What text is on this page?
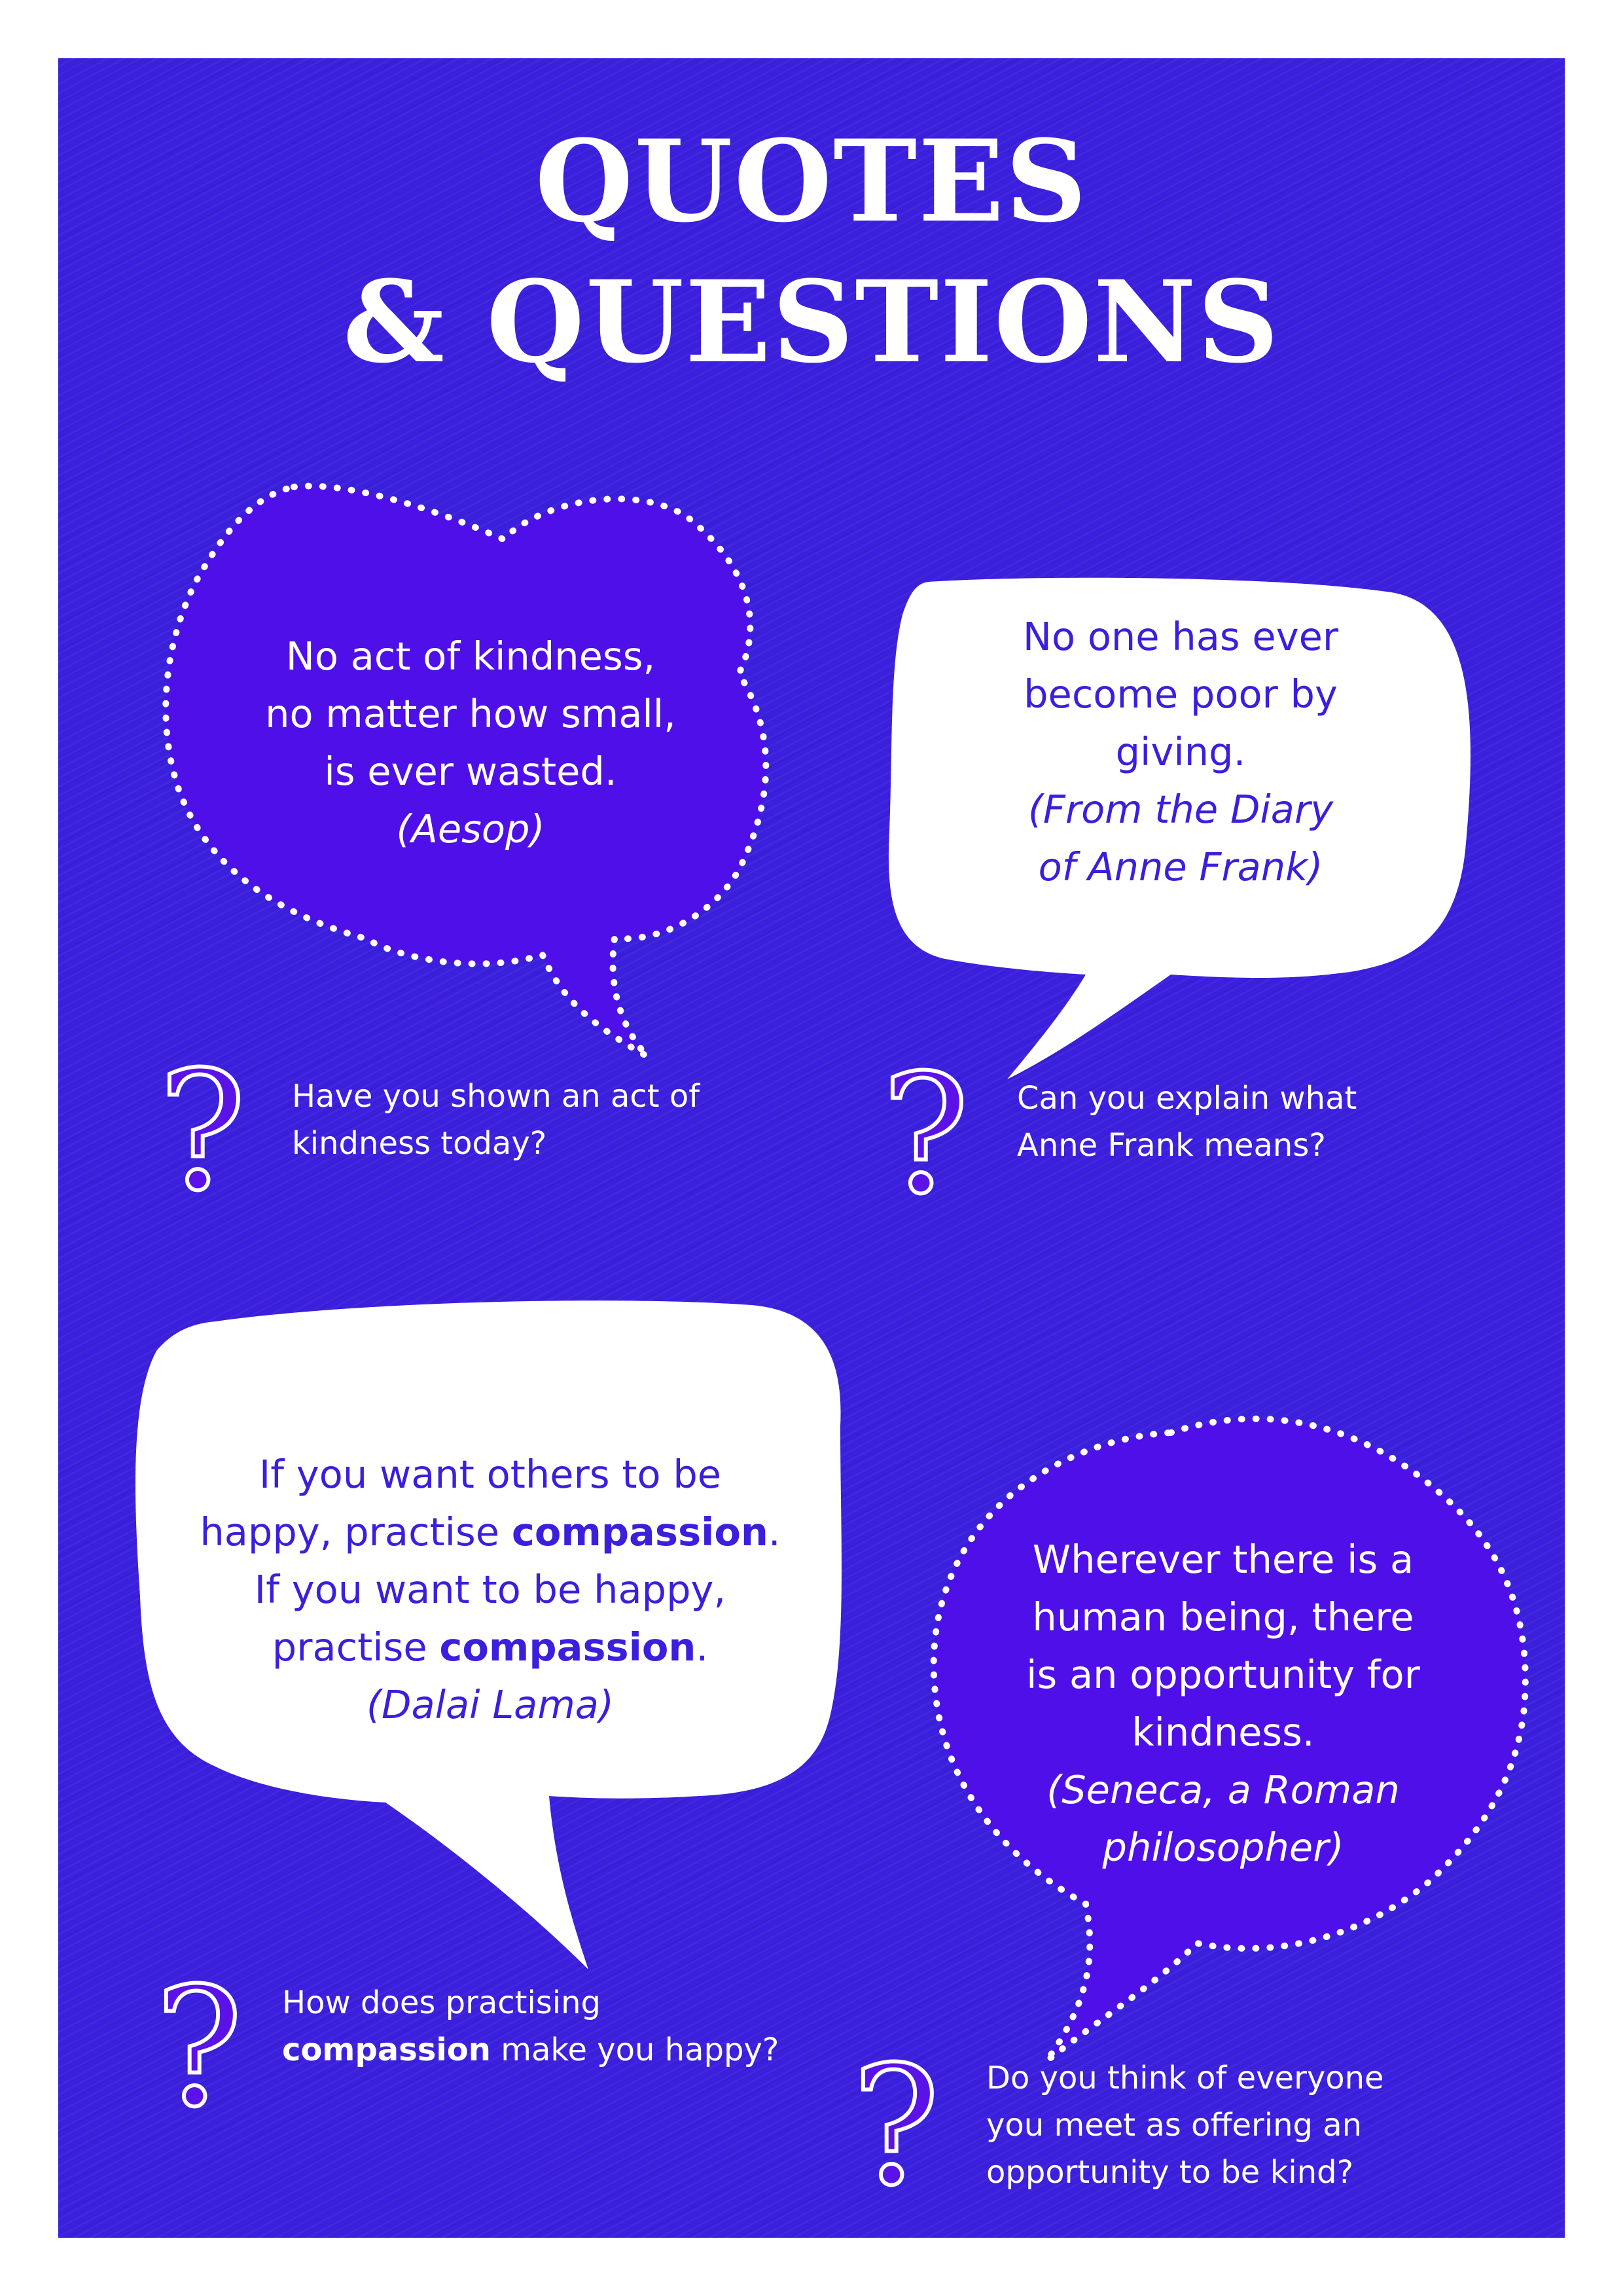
QUOTES
& QUESTIONS
No act of kindness,
no matter how small,
is ever wasted.
(Aesop)
No one has ever
become poor by
giving.
(From the Diary
of Anne Frank)
If you want others to be
happy, practise compassion.
If you want to be happy,
practise compassion.
(Dalai Lama)
Wherever there is a
human being, there
is an opportunity for
kindness.
(Seneca, a Roman
philosopher)
?	Have you shown an act of
kindness today?	?	Can you explain what
Anne Frank means?
?	How does practising
compassion make you happy? ?	Do you think of everyone
you meet as offering an
opportunity to be kind?
